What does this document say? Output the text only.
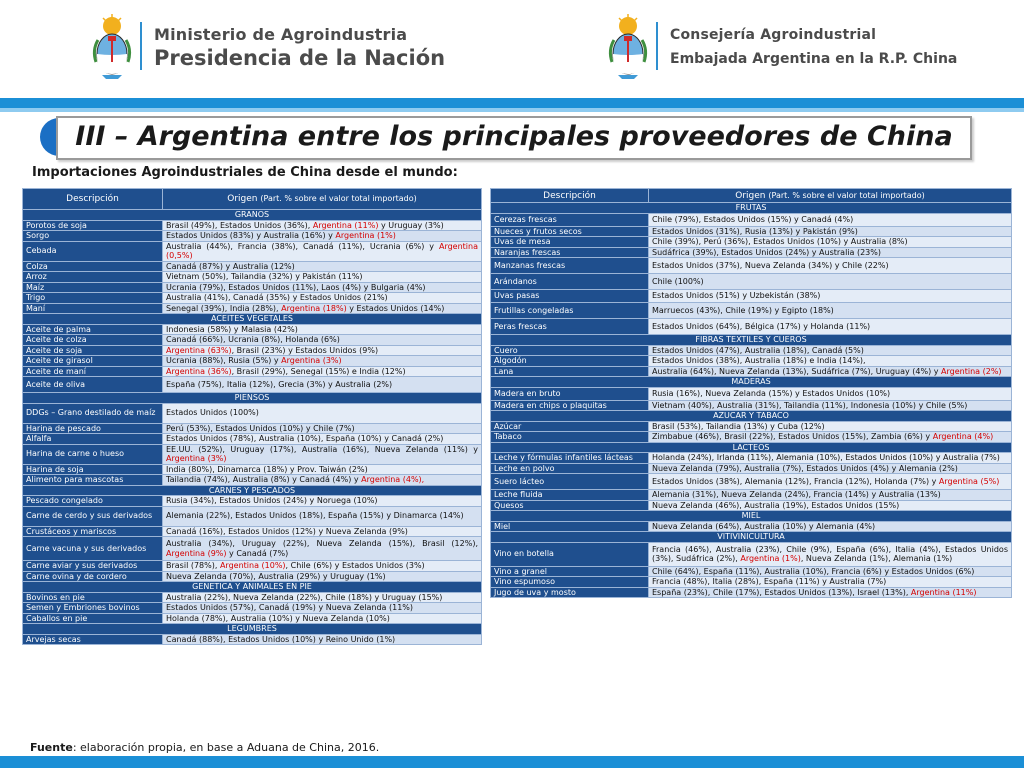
Ministerio de Agroindustria
Presidencia de la Nación
Consejería Agroindustrial
Embajada Argentina en la R.P. China
III – Argentina entre los principales proveedores de China
Importaciones Agroindustriales de China desde el mundo:
Descripción	Origen (Part. % sobre el valor total importado)
GRANOS	
Porotos de soja	Brasil (49%), Estados Unidos (36%), Argentina (11%) y Uruguay (3%)
Sorgo	Estados Unidos (83%) y Australia (16%) y Argentina (1%)
Cebada	Australia (44%), Francia (38%), Canadá (11%), Ucrania (6%) y Argentina (0,5%)
Colza	Canadá (87%) y Australia (12%)
Arroz	Vietnam (50%), Tailandia (32%) y Pakistán (11%)
Maíz	Ucrania (79%), Estados Unidos (11%), Laos (4%) y Bulgaria (4%)
Trigo	Australia (41%), Canadá (35%) y Estados Unidos (21%)
Maní	Senegal (39%), India (28%), Argentina (18%) y Estados Unidos (14%)
ACEITES VEGETALES	
Aceite de palma	Indonesia (58%) y Malasia (42%)
Aceite de colza	Canadá (66%), Ucrania (8%), Holanda (6%)
Aceite de soja	Argentina (63%), Brasil (23%) y Estados Unidos (9%)
Aceite de girasol	Ucrania (88%), Rusia (5%) y Argentina (3%)
Aceite de maní	Argentina (36%), Brasil (29%), Senegal (15%) e India (12%)
Aceite de oliva	España (75%), Italia (12%), Grecia (3%) y Australia (2%)
PIENSOS	
DDGs – Grano destilado de maíz	Estados Unidos (100%)
Harina de pescado	Perú (53%), Estados Unidos (10%) y Chile (7%)
Alfalfa	Estados Unidos (78%), Australia (10%), España (10%) y Canadá (2%)
Harina de carne o hueso	EE.UU. (52%), Uruguay (17%), Australia (16%), Nueva Zelanda (11%) y Argentina (3%)
Harina de soja	India (80%), Dinamarca (18%) y Prov. Taiwán (2%)
Alimento para mascotas	Tailandia (74%), Australia (8%) y Canadá (4%) y Argentina (4%),
CARNES Y PESCADOS	
Pescado congelado	Rusia (34%), Estados Unidos (24%) y Noruega (10%)
Carne de cerdo y sus derivados	Alemania (22%), Estados Unidos (18%), España (15%) y Dinamarca (14%)
Crustáceos y mariscos	Canadá (16%), Estados Unidos (12%) y Nueva Zelanda (9%)
Carne vacuna y sus derivados	Australia (34%), Uruguay (22%), Nueva Zelanda (15%), Brasil (12%), Argentina (9%) y Canadá (7%)
Carne aviar y sus derivados	Brasil (78%), Argentina (10%), Chile (6%) y Estados Unidos (3%)
Carne ovina y de cordero	Nueva Zelanda (70%), Australia (29%) y Uruguay (1%)
GENETICA Y ANIMALES EN PIE	
Bovinos en pie	Australia (22%), Nueva Zelanda (22%), Chile (18%) y Uruguay (15%)
Semen y Embriones bovinos	Estados Unidos (57%), Canadá (19%) y Nueva Zelanda (11%)
Caballos en pie	Holanda (78%), Australia (10%) y Nueva Zelanda (10%)
LEGUMBRES	
Arvejas secas	Canadá (88%), Estados Unidos (10%) y Reino Unido (1%)
Descripción	Origen (Part. % sobre el valor total importado)
FRUTAS	
Cerezas frescas	Chile (79%), Estados Unidos (15%) y Canadá (4%)
Nueces y frutos secos	Estados Unidos (31%), Rusia (13%) y Pakistán (9%)
Uvas de mesa	Chile (39%), Perú (36%), Estados Unidos (10%) y Australia (8%)
Naranjas frescas	Sudáfrica (39%), Estados Unidos (24%) y Australia (23%)
Manzanas frescas	Estados Unidos (37%), Nueva Zelanda (34%) y Chile (22%)
Arándanos	Chile (100%)
Uvas pasas	Estados Unidos (51%) y Uzbekistán (38%)
Frutillas congeladas	Marruecos (43%), Chile (19%) y Egipto (18%)
Peras frescas	Estados Unidos (64%), Bélgica (17%) y Holanda (11%)
FIBRAS TEXTILES Y CUEROS	
Cuero	Estados Unidos (47%), Australia (18%), Canadá (5%)
Algodón	Estados Unidos (38%), Australia (18%) e India (14%),
Lana	Australia (64%), Nueva Zelanda (13%), Sudáfrica (7%), Uruguay (4%) y Argentina (2%)
MADERAS	
Madera en bruto	Rusia (16%), Nueva Zelanda (15%) y Estados Unidos (10%)
Madera en chips o plaquitas	Vietnam (40%), Australia (31%), Tailandia (11%), Indonesia (10%) y Chile (5%)
AZUCAR Y TABACO	
Azúcar	Brasil (53%), Tailandia (13%) y Cuba (12%)
Tabaco	Zimbabue (46%), Brasil (22%), Estados Unidos (15%), Zambia (6%) y Argentina (4%)
LACTEOS	
Leche y fórmulas infantiles lácteas	Holanda (24%), Irlanda (11%), Alemania (10%), Estados Unidos (10%) y Australia (7%)
Leche en polvo	Nueva Zelanda (79%), Australia (7%), Estados Unidos (4%) y Alemania (2%)
Suero lácteo	Estados Unidos (38%), Alemania (12%), Francia (12%), Holanda (7%) y Argentina (5%)
Leche fluida	Alemania (31%), Nueva Zelanda (24%), Francia (14%) y Australia (13%)
Quesos	Nueva Zelanda (46%), Australia (19%), Estados Unidos (15%)
MIEL	
Miel	Nueva Zelanda (64%), Australia (10%) y Alemania (4%)
VITIVINICULTURA	
Vino en botella	Francia (46%), Australia (23%), Chile (9%), España (6%), Italia (4%), Estados Unidos (3%), Sudáfrica (2%), Argentina (1%), Nueva Zelanda (1%), Alemania (1%)
Vino a granel	Chile (64%), España (11%), Australia (10%), Francia (6%) y Estados Unidos (6%)
Vino espumoso	Francia (48%), Italia (28%), España (11%) y Australia (7%)
Jugo de uva y mosto	España (23%), Chile (17%), Estados Unidos (13%), Israel (13%), Argentina (11%)
Fuente: elaboración propia, en base a Aduana de China, 2016.
